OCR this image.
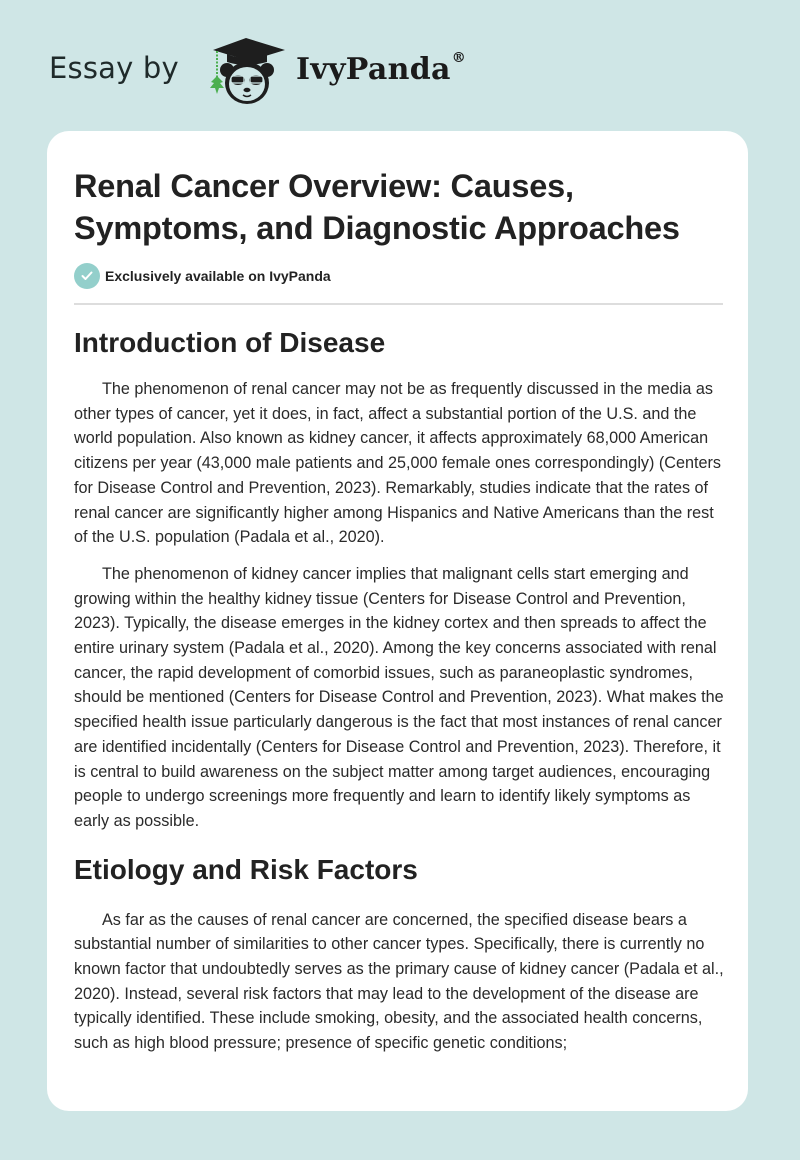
Essay by	IvyPanda®
Renal Cancer Overview: Causes, Symptoms, and Diagnostic Approaches
Exclusively available on IvyPanda
Introduction of Disease

The phenomenon of renal cancer may not be as frequently discussed in the media as other types of cancer, yet it does, in fact, affect a substantial portion of the U.S. and the world population. Also known as kidney cancer, it affects approximately 68,000 American citizens per year (43,000 male patients and 25,000 female ones correspondingly) (Centers for Disease Control and Prevention, 2023). Remarkably, studies indicate that the rates of renal cancer are significantly higher among Hispanics and Native Americans than the rest of the U.S. population (Padala et al., 2020).

The phenomenon of kidney cancer implies that malignant cells start emerging and growing within the healthy kidney tissue (Centers for Disease Control and Prevention, 2023). Typically, the disease emerges in the kidney cortex and then spreads to affect the entire urinary system (Padala et al., 2020). Among the key concerns associated with renal cancer, the rapid development of comorbid issues, such as paraneoplastic syndromes, should be mentioned (Centers for Disease Control and Prevention, 2023). What makes the specified health issue particularly dangerous is the fact that most instances of renal cancer are identified incidentally (Centers for Disease Control and Prevention, 2023). Therefore, it is central to build awareness on the subject matter among target audiences, encouraging people to undergo screenings more frequently and learn to identify likely symptoms as early as possible.

Etiology and Risk Factors

As far as the causes of renal cancer are concerned, the specified disease bears a substantial number of similarities to other cancer types. Specifically, there is currently no known factor that undoubtedly serves as the primary cause of kidney cancer (Padala et al., 2020). Instead, several risk factors that may lead to the development of the disease are typically identified. These include smoking, obesity, and the associated health concerns, such as high blood pressure; presence of specific genetic conditions;
